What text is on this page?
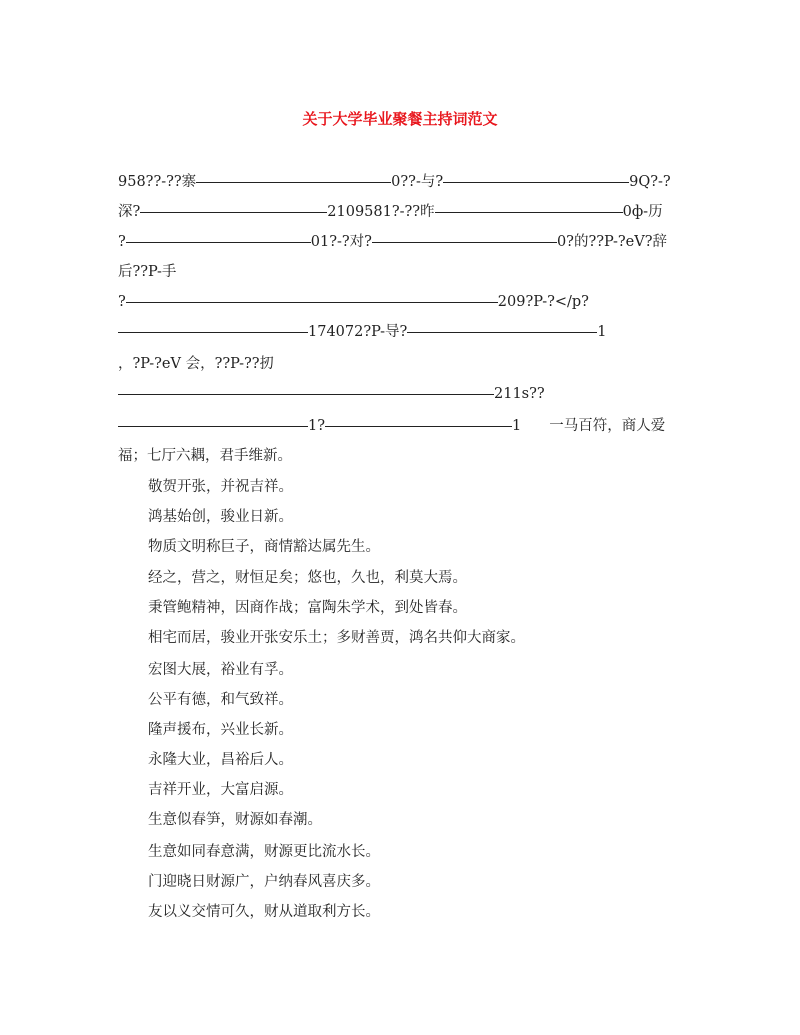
关于大学毕业聚餐主持词范文
958??-??寨	0??-与?	9Q?-?
深?	2109581?-??昨	0ф-历
?	01?-?对?	0?的??P-?eV?辞
后??P-手
?	209?P-?</p?
174072?P-导?	1
，?P-?eV 会，??P-??扨
211s??
1?	1 一马百符，商人爱
福；七厅六耦，君手维新。
敬贺开张，并祝吉祥。
鸿基始创，骏业日新。
物质文明称巨子，商情豁达属先生。
经之，营之，财恒足矣；悠也，久也，利莫大焉。
秉管鲍精神，因商作战；富陶朱学术，到处皆春。
相宅而居，骏业开张安乐土；多财善贾，鸿名共仰大商家。
宏图大展，裕业有孚。
公平有德，和气致祥。
隆声援布，兴业长新。
永隆大业，昌裕后人。
吉祥开业，大富启源。
生意似春笋，财源如春潮。
生意如同春意满，财源更比流水长。
门迎晓日财源广，户纳春风喜庆多。
友以义交情可久，财从道取利方长。
